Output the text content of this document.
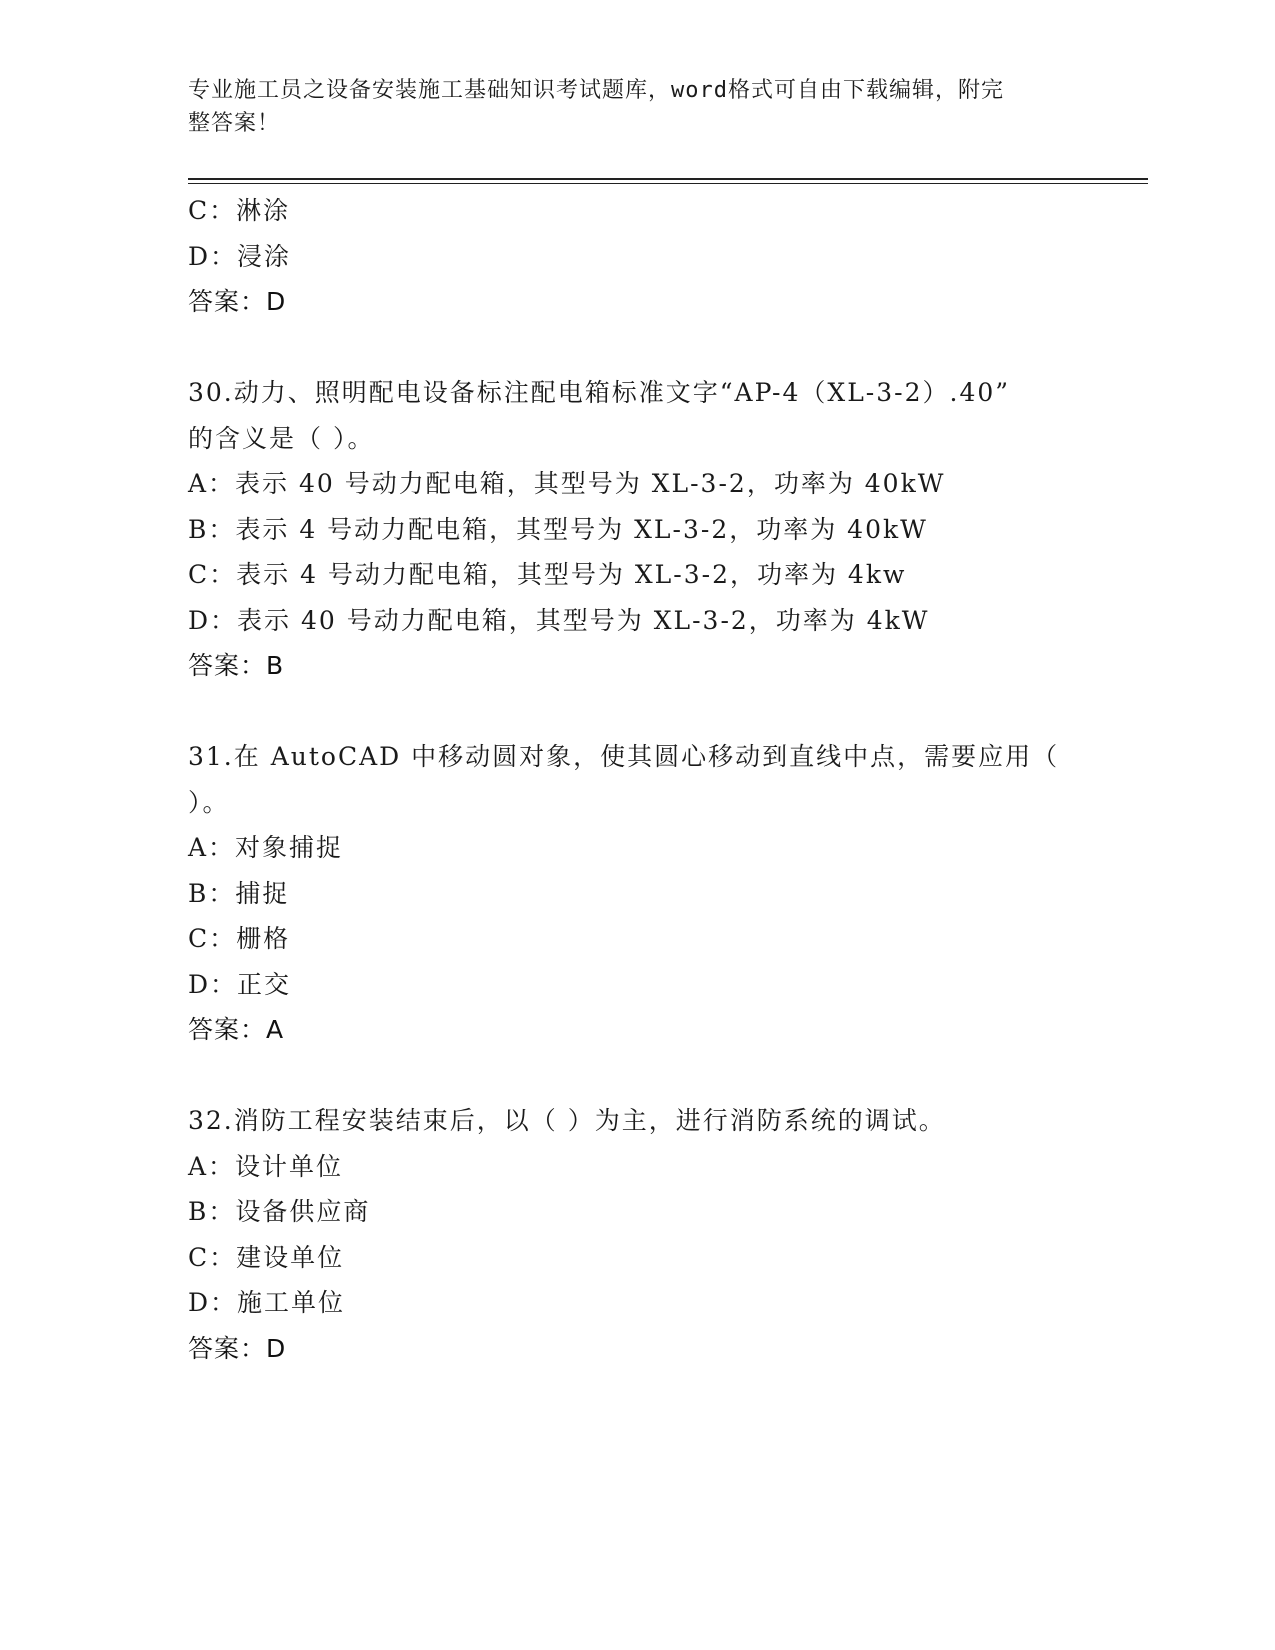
专业施工员之设备安装施工基础知识考试题库，word格式可自由下载编辑，附完
整答案！
C：淋涂
D：浸涂
答案：D
30.动力、照明配电设备标注配电箱标准文字“AP-4（XL-3-2）.40”
的含义是（ ）。
A：表示 40 号动力配电箱，其型号为 XL-3-2，功率为 40kW
B：表示 4 号动力配电箱，其型号为 XL-3-2，功率为 40kW
C：表示 4 号动力配电箱，其型号为 XL-3-2，功率为 4kw
D：表示 40 号动力配电箱，其型号为 XL-3-2，功率为 4kW
答案：B
31.在 AutoCAD 中移动圆对象，使其圆心移动到直线中点，需要应用（
）。
A：对象捕捉
B：捕捉
C：栅格
D：正交
答案：A
32.消防工程安装结束后，以（ ）为主，进行消防系统的调试。
A：设计单位
B：设备供应商
C：建设单位
D：施工单位
答案：D
